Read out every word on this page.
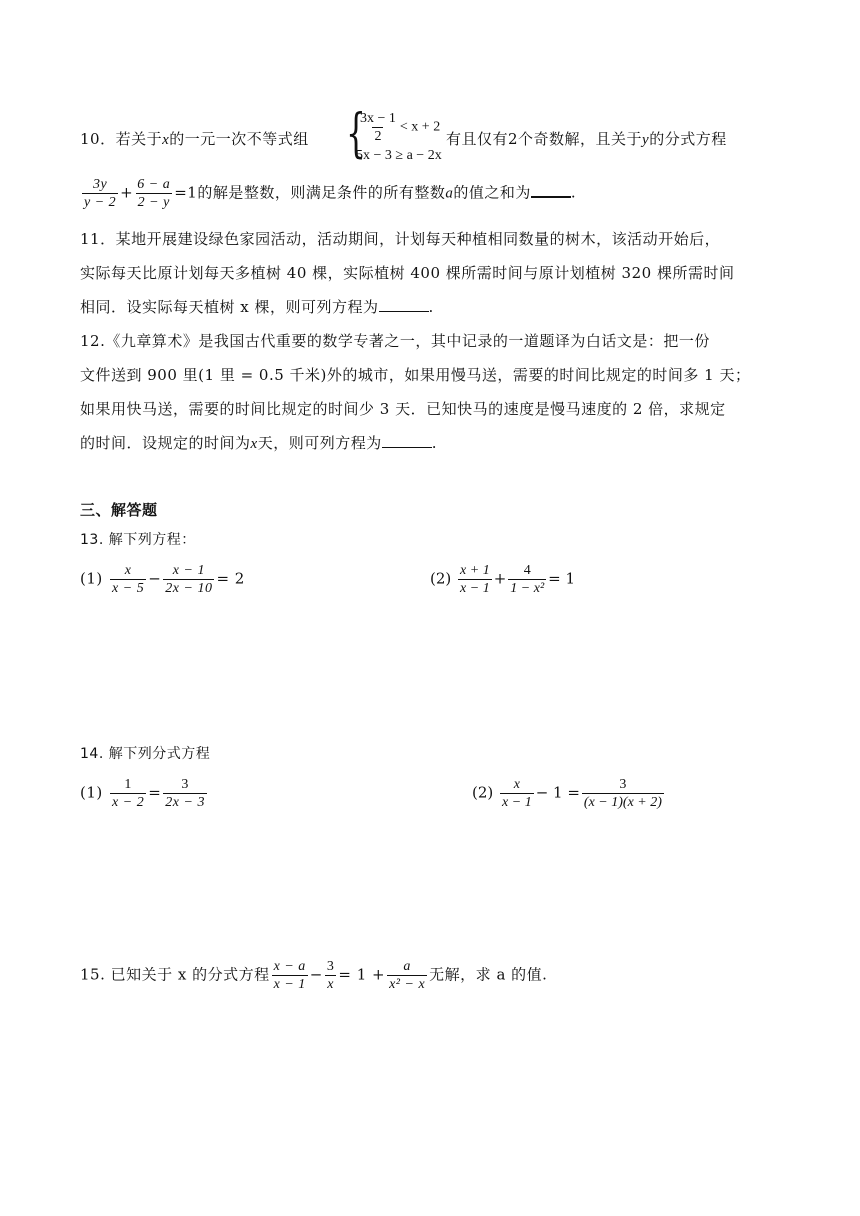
10．若关于x的一元一次不等式组 {
$\frac{3x - 1}{2} < x + 2$
5x − 3 ≥ a − 2x
有且仅有2个奇数解，且关于y的分式方程
$\frac{3y}{y - 2} + \frac{6 - a}{2 - y} =1$的解是整数，则满足条件的所有整数a的值之和为	.
11．某地开展建设绿色家园活动，活动期间，计划每天种植相同数量的树木，该活动开始后，
实际每天比原计划每天多植树 40 棵，实际植树 400 棵所需时间与原计划植树 320 棵所需时间
相同．设实际每天植树 x 棵，则可列方程为	.
12.《九章算术》是我国古代重要的数学专著之一，其中记录的一道题译为白话文是：把一份
文件送到 900 里(1 里 = 0.5 千米)外的城市，如果用慢马送，需要的时间比规定的时间多 1 天；
如果用快马送，需要的时间比规定的时间少 3 天．已知快马的速度是慢马速度的 2 倍，求规定
的时间．设规定的时间为x天，则可列方程为	.
三、解答题
13. 解下列方程：
$(1) \frac{x}{x - 5} - \frac{x - 1}{2x - 10} = 2$	$(2) \frac{x + 1}{x - 1} + \frac{4}{\text{1 − x²}} = 1$
14. 解下列分式方程
$(1) \frac{1}{x - 2} = \frac{3}{2x - 3}$	$(2) \frac{x}{x - 1} - 1 = \frac{3}{(x - 1)(x + 2)}$
15. 已知关于 x 的分式方程 $\frac{x - a}{x - 1} - \frac{3}{x} = 1 + \frac{a}{\text{x² − x}}$ 无解，求 a 的值.
